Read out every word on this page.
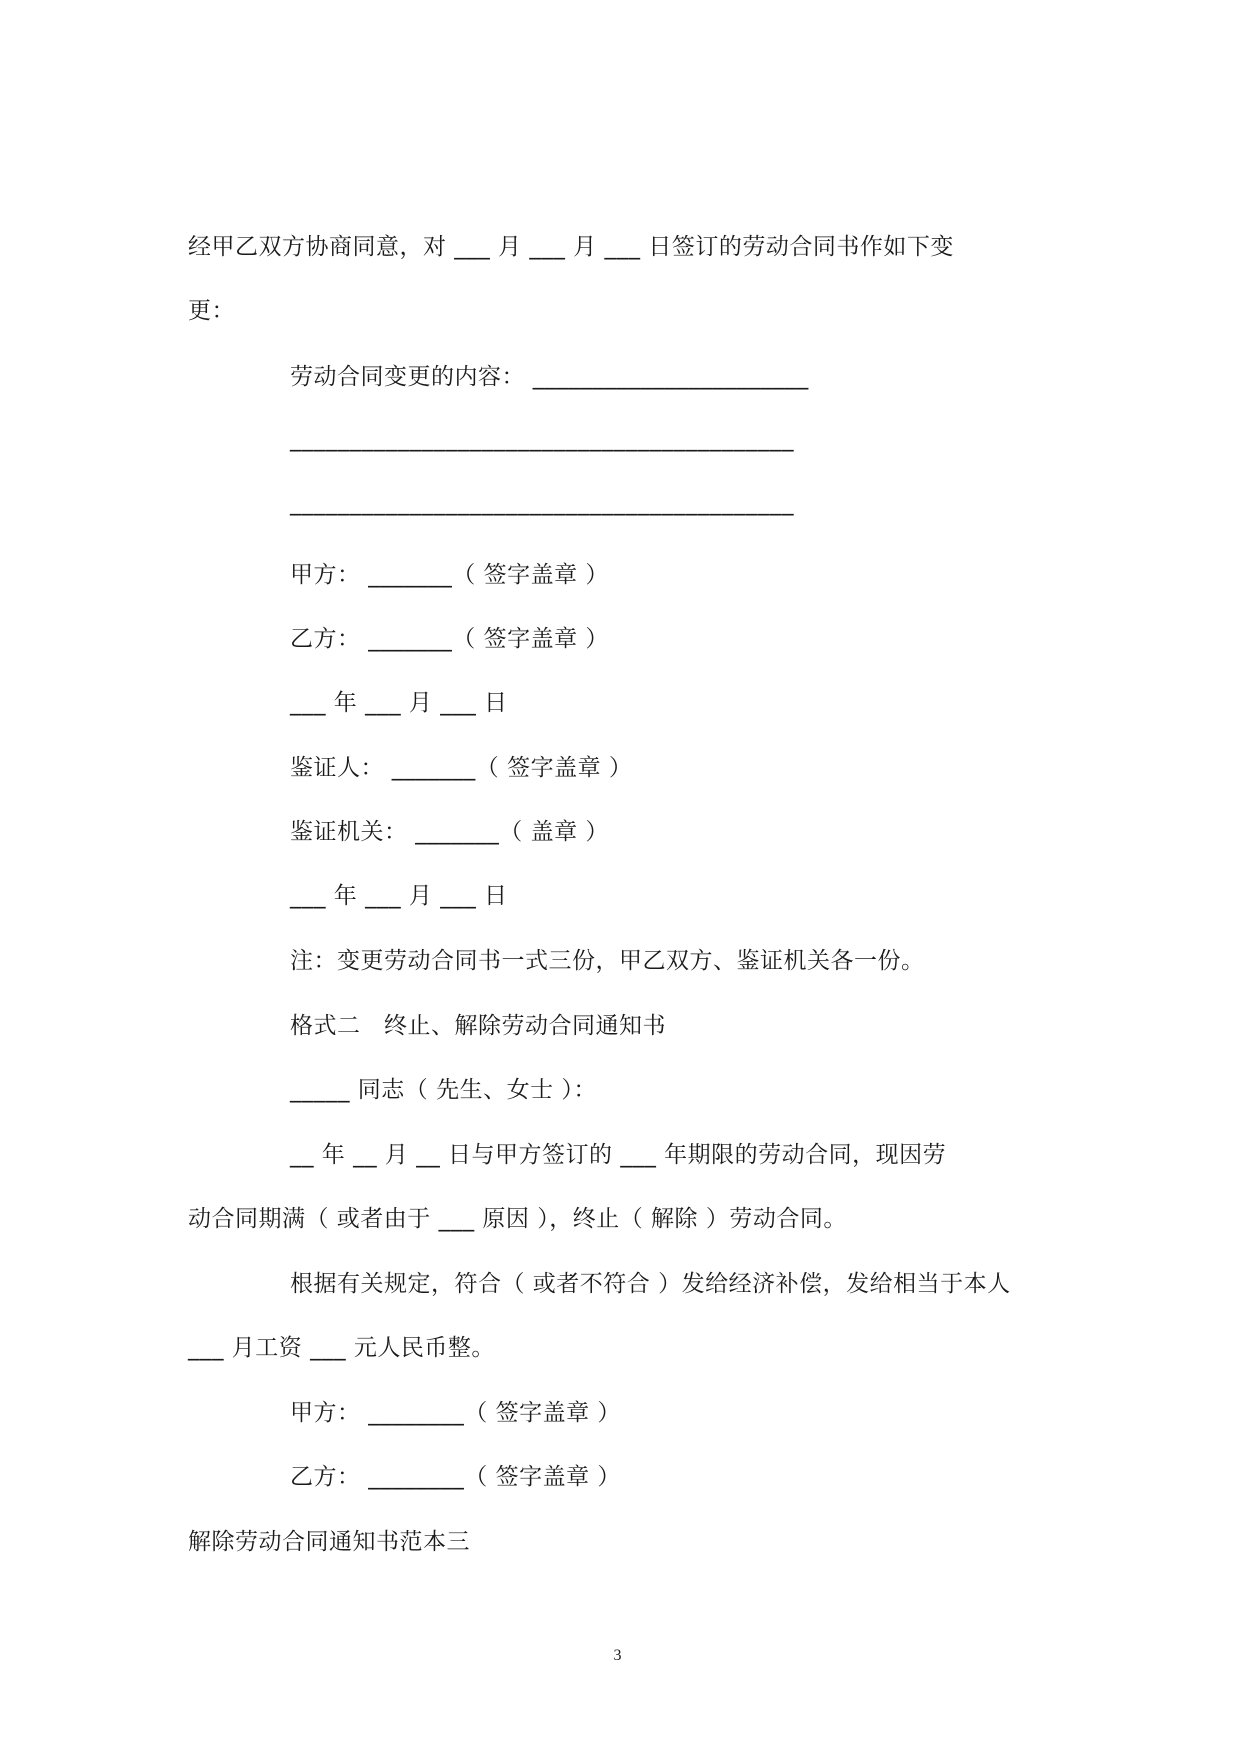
经甲乙双方协商同意，对 ___ 月 ___ 月 ___ 日签订的劳动合同书作如下变
更：
劳动合同变更的内容： _______________________
__________________________________________
__________________________________________
甲方： _______（ 签字盖章 ）
乙方： _______（ 签字盖章 ）
___ 年 ___ 月 ___ 日
鉴证人： _______（ 签字盖章 ）
鉴证机关： _______（ 盖章 ）
___ 年 ___ 月 ___ 日
注：变更劳动合同书一式三份，甲乙双方、鉴证机关各一份。
格式二　终止、解除劳动合同通知书
_____ 同志（ 先生、女士 ）：
__ 年 __ 月 __ 日与甲方签订的 ___ 年期限的劳动合同，现因劳
动合同期满（ 或者由于 ___ 原因 ），终止（ 解除 ）劳动合同。
根据有关规定，符合（ 或者不符合 ）发给经济补偿，发给相当于本人
___ 月工资 ___ 元人民币整。
甲方： ________（ 签字盖章 ）
乙方： ________（ 签字盖章 ）
解除劳动合同通知书范本三
3
